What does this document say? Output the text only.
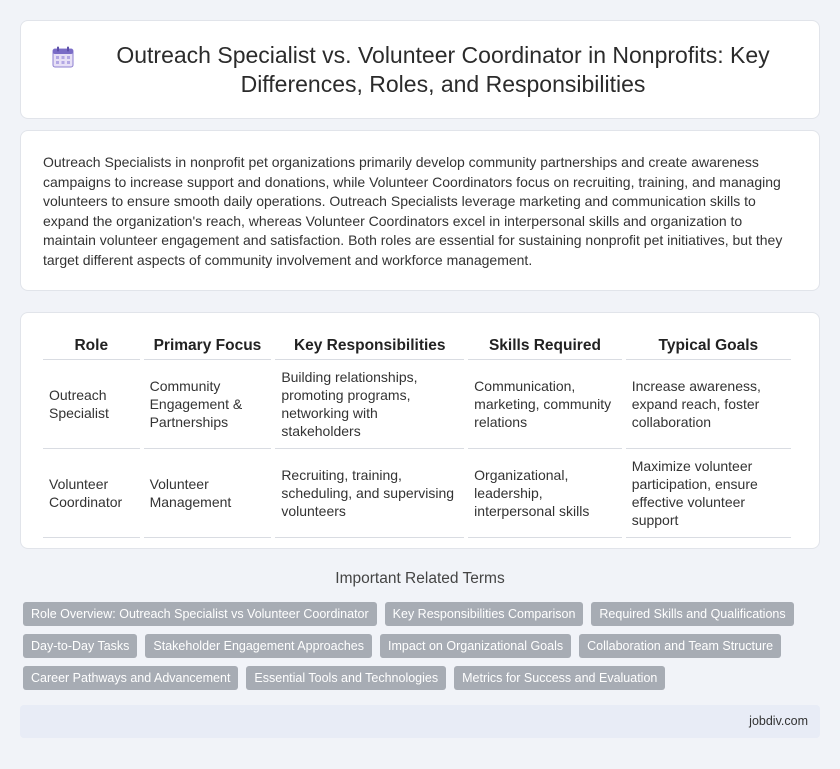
Outreach Specialist vs. Volunteer Coordinator in Nonprofits: Key Differences, Roles, and Responsibilities

Outreach Specialists in nonprofit pet organizations primarily develop community partnerships and create awareness campaigns to increase support and donations, while Volunteer Coordinators focus on recruiting, training, and managing volunteers to ensure smooth daily operations. Outreach Specialists leverage marketing and communication skills to expand the organization's reach, whereas Volunteer Coordinators excel in interpersonal skills and organization to maintain volunteer engagement and satisfaction. Both roles are essential for sustaining nonprofit pet initiatives, but they target different aspects of community involvement and workforce management.

Role	Primary Focus	Key Responsibilities	Skills Required	Typical Goals
Outreach Specialist	Community Engagement & Partnerships	Building relationships, promoting programs, networking with stakeholders	Communication, marketing, community relations	Increase awareness, expand reach, foster collaboration
Volunteer Coordinator	Volunteer Management	Recruiting, training, scheduling, and supervising volunteers	Organizational, leadership, interpersonal skills	Maximize volunteer participation, ensure effective volunteer support
Important Related Terms
Role Overview: Outreach Specialist vs Volunteer Coordinator	Key Responsibilities Comparison	Required Skills and Qualifications
Day-to-Day Tasks	Stakeholder Engagement Approaches	Impact on Organizational Goals	Collaboration and Team Structure
Career Pathways and Advancement	Essential Tools and Technologies	Metrics for Success and Evaluation
jobdiv.com
